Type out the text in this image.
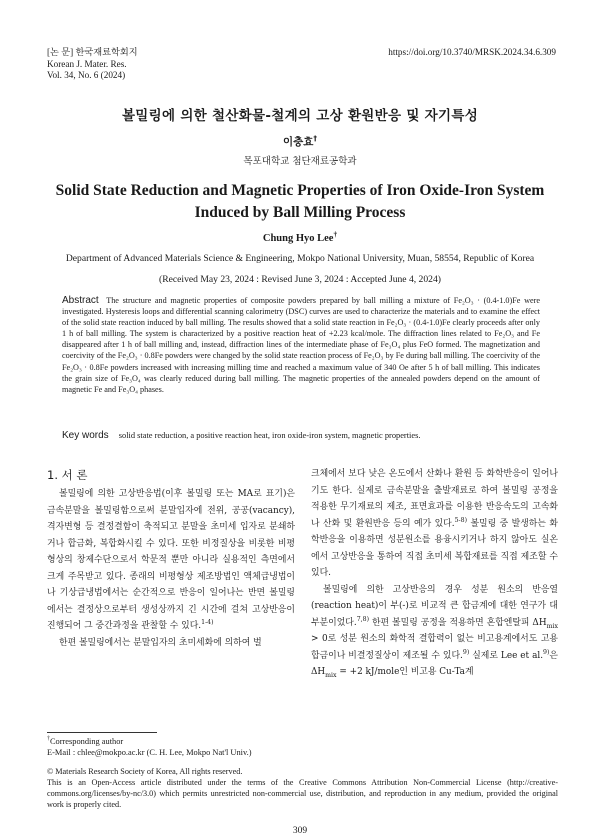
[논 문] 한국재료학회지
Korean J. Mater. Res.
Vol. 34, No. 6 (2024)
https://doi.org/10.3740/MRSK.2024.34.6.309
볼밀링에 의한 철산화물-철계의 고상 환원반응 및 자기특성
이충효†
목포대학교 첨단재료공학과
Solid State Reduction and Magnetic Properties of Iron Oxide-Iron System Induced by Ball Milling Process
Chung Hyo Lee†
Department of Advanced Materials Science & Engineering, Mokpo National University, Muan, 58554, Republic of Korea
(Received May 23, 2024 : Revised June 3, 2024 : Accepted June 4, 2024)
Abstract The structure and magnetic properties of composite powders prepared by ball milling a mixture of Fe₂O₃ · (0.4-1.0)Fe were investigated. Hysteresis loops and differential scanning calorimetry (DSC) curves are used to characterize the materials and to examine the effect of the solid state reaction induced by ball milling. The results showed that a solid state reaction in Fe₂O₃ · (0.4-1.0)Fe clearly proceeds after only 1 h of ball milling. The system is characterized by a positive reaction heat of +2.23 kcal/mole. The diffraction lines related to Fe₂O₃ and Fe disappeared after 1 h of ball milling and, instead, diffraction lines of the intermediate phase of Fe₃O₄ plus FeO formed. The magnetization and coercivity of the Fe₂O₃ · 0.8Fe powders were changed by the solid state reaction process of Fe₂O₃ by Fe during ball milling. The coercivity of the Fe₂O₃ · 0.8Fe powders increased with increasing milling time and reached a maximum value of 340 Oe after 5 h of ball milling. This indicates the grain size of Fe₃O₄ was clearly reduced during ball milling. The magnetic properties of the annealed powders depend on the amount of magnetic Fe and Fe₃O₄ phases.
Key words solid state reduction, a positive reaction heat, iron oxide-iron system, magnetic properties.
1. 서 론

볼밀링에 의한 고상반응법(이후 볼밀링 또는 MA로 표기)은 금속분말을 볼밀링함으로써 분말입자에 전위, 공공(vacancy), 격자변형 등 결정결함이 축적되고 분말을 초미세 입자로 분쇄하거나 합금화, 복합화시킬 수 있다. 또한 비정질상을 비롯한 비평형상의 창제수단으로서 학문적 뿐만 아니라 실용적인 측면에서 크게 주목받고 있다. 종래의 비평형상 제조방법인 액체급냉법이나 기상급냉법에서는 순간적으로 반응이 일어나는 반면 볼밀링에서는 결정상으로부터 생성상까지 긴 시간에 걸쳐 고상반응이 진행되어 그 중간과정을 관찰할 수 있다.$^{1-4)}$

한편 볼밀링에서는 분말입자의 초미세화에 의하여 벌

크체에서 보다 낮은 온도에서 산화나 환원 등 화학반응이 일어나기도 한다. 실제로 금속분말을 출발재료로 하여 볼밀링 공정을 적용한 무기재료의 제조, 표면효과를 이용한 반응속도의 고속화나 산화 및 환원반응 등의 예가 있다.$^{5-8)}$ 볼밀링 중 발생하는 화학반응을 이용하면 성분원소를 용융시키거나 하지 않아도 실온에서 고상반응을 통하여 직접 초미세 복합재료를 직접 제조할 수 있다.

볼밀링에 의한 고상반응의 경우 성분 원소의 반응열(reaction heat)이 부(-)로 비교적 큰 합금계에 대한 연구가 대부분이었다.$^{7,8)}$ 한편 볼밀링 공정을 적용하면 혼합엔탈피 $\Delta H_{mix} > 0$로 성분 원소의 화학적 결합력이 없는 비고용계에서도 고용합금이나 비결정질상이 제조될 수 있다.$^{9)}$ 실제로 Lee et al.$^{9)}$은 $\Delta H_{mix} = +2$ kJ/mole인 비고용 Cu-Ta계

†Corresponding author
E-Mail : chlee@mokpo.ac.kr (C. H. Lee, Mokpo Nat'l Univ.)
© Materials Research Society of Korea, All rights reserved.
This is an Open-Access article distributed under the terms of the Creative Commons Attribution Non-Commercial License (http://creative-commons.org/licenses/by-nc/3.0) which permits unrestricted non-commercial use, distribution, and reproduction in any medium, provided the original work is properly cited.
309
